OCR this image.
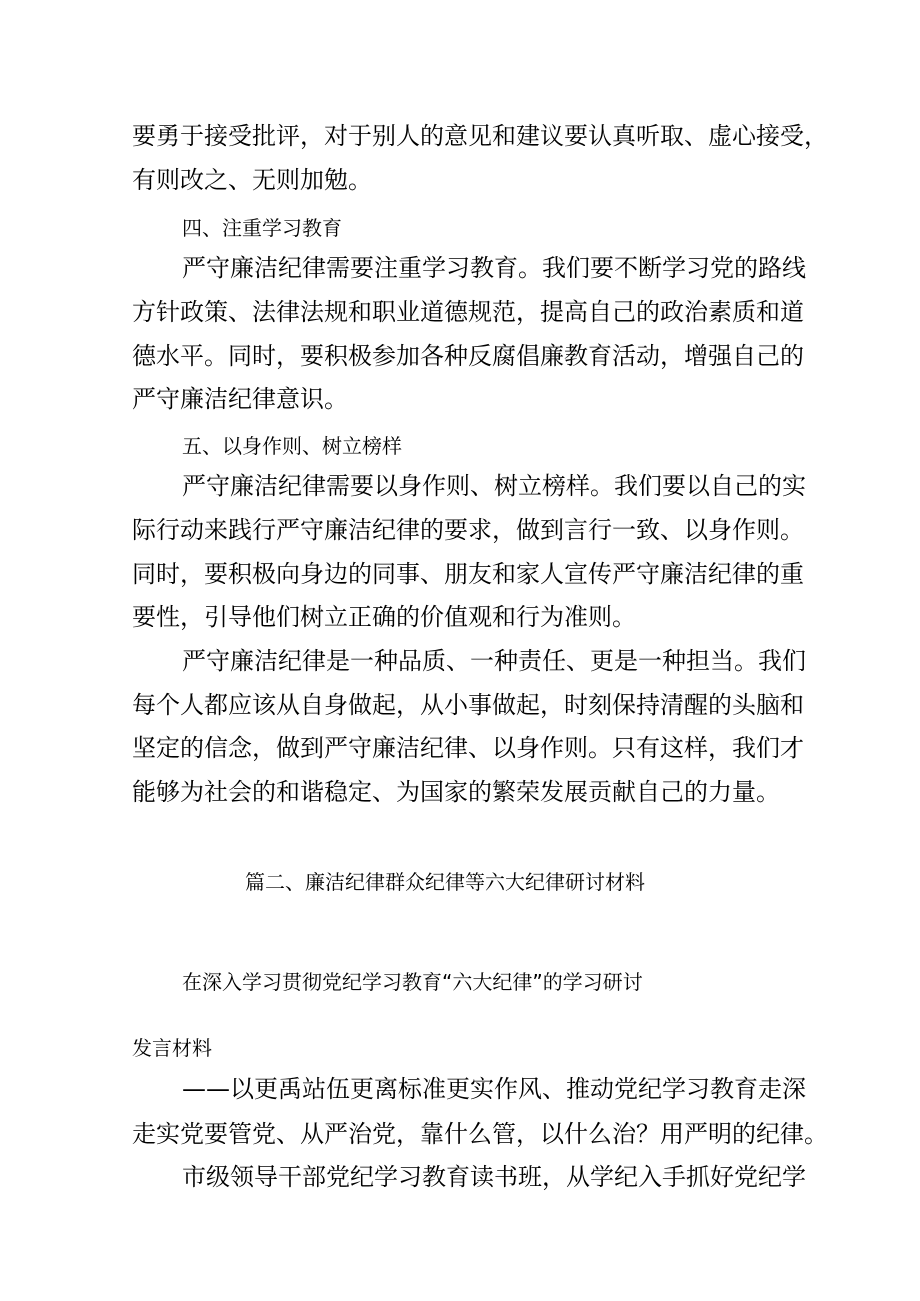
要勇于接受批评，对于别人的意见和建议要认真听取、虚心接受，
有则改之、无则加勉。
四、注重学习教育
严守廉洁纪律需要注重学习教育。我们要不断学习党的路线
方针政策、法律法规和职业道德规范，提高自己的政治素质和道
德水平。同时，要积极参加各种反腐倡廉教育活动，增强自己的
严守廉洁纪律意识。
五、以身作则、树立榜样
严守廉洁纪律需要以身作则、树立榜样。我们要以自己的实
际行动来践行严守廉洁纪律的要求，做到言行一致、以身作则。
同时，要积极向身边的同事、朋友和家人宣传严守廉洁纪律的重
要性，引导他们树立正确的价值观和行为准则。
严守廉洁纪律是一种品质、一种责任、更是一种担当。我们
每个人都应该从自身做起，从小事做起，时刻保持清醒的头脑和
坚定的信念，做到严守廉洁纪律、以身作则。只有这样，我们才
能够为社会的和谐稳定、为国家的繁荣发展贡献自己的力量。
篇二、廉洁纪律群众纪律等六大纪律研讨材料
在深入学习贯彻党纪学习教育“六大纪律”的学习研讨
发言材料
——以更禹站伍更离标准更实作风、推动党纪学习教育走深
走实党要管党、从严治党，靠什么管，以什么治？用严明的纪律。
市级领导干部党纪学习教育读书班，从学纪入手抓好党纪学
